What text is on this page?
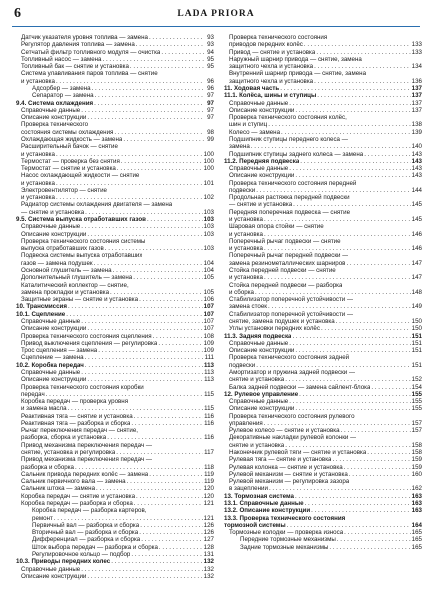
6	LADA PRIORA
Датчик указателя уровня топлива — замена . . .	93
Регулятор давления топлива — замена . . .	93
Сетчатый фильтр топливного модуля — очистка . . .	94
Топливный насос — замена . . .	95
Топливный бак — снятие и установка . . .	95
Система улавливания паров топлива — снятие
и установка . . .	96
Адсорбер — замена . . .	96
Сепаратор — замена . . .	97
9.4. Система охлаждения . . .	97
Справочные данные . . .	97
Описание конструкции . . .	97
Проверка технического
состояния системы охлаждения . . .	98
Охлаждающая жидкость — замена . . .	99
Расширительный бачок — снятие
и установка . . .	100
Термостат — проверка без снятия . . .	100
Термостат — снятие и установка . . .	100
Насос охлаждающей жидкости — снятие
и установка . . .	101
Электровентилятор — снятие
и установка . . .	102
Радиатор системы охлаждения двигателя — замена
— снятие и установка . . .	103
9.5. Система выпуска отработавших газов . . .	103
Справочные данные . . .	103
Описание конструкции . . .	103
Проверка технического состояния системы
выпуска отработавших газов . . .	103
Подвеска системы выпуска отработавших
газов — замена подушек . . .	104
Основной глушитель — замена . . .	104
Дополнительный глушитель — замена . . .	105
Каталитический коллектор — снятие,
замена прокладки и установка . . .	105
Защитные экраны — снятие и установка . . .	106
10. Трансмиссия . . .	107
10.1. Сцепление . . .	107
Справочные данные . . .	107
Описание конструкции . . .	107
Проверка технического состояния сцепления . . .	108
Привод выключения сцепления — регулировка . . .	109
Трос сцепления — замена . . .	109
Сцепление — замена . . .	111
10.2. Коробка передач . . .	113
Справочные данные . . .	113
Описание конструкции . . .	113
Проверка технического состояния коробки
передач . . .	115
Коробка передач — проверка уровня
и замена масла . . .	115
Реактивная тяга — снятие и установка . . .	116
Реактивная тяга — разборка и сборка . . .	116
Рычаг переключения передач — снятие,
разборка, сборка и установка . . .	116
Привод механизма переключения передач —
снятие, установка и регулировка . . .	117
Привод механизма переключения передач —
разборка и сборка . . .	118
Сальник привода передних колёс — замена . . .	119
Сальник первичного вала — замена . . .	119
Сальник штока — замена . . .	120
Коробка передач — снятие и установка . . .	120
Коробка передач — разборка и сборка . . .	121
Коробка передач — разборка картеров,
ремонт . . .	121
Первичный вал — разборка и сборка . . .	126
Вторичный вал — разборка и сборка . . .	126
Дифференциал — разборка и сборка . . .	127
Шток выбора передач — разборка и сборка . . .	128
Регулировочное кольцо — подбор . . .	131
10.3. Приводы передних колес . . .	132
Справочные данные . . .	132
Описание конструкции . . .	132
Проверка технического состояния
приводов передних колёс . . .	133
Привод — снятие и установка . . .	133
Наружный шарнир привода — снятие, замена
защитного чехла и установка . . .	134
Внутренний шарнир привода — снятие, замена
защитного чехла и установка . . .	136
11. Ходовая часть . . .	137
11.1. Колёса, шины и ступицы . . .	137
Справочные данные . . .	137
Описание конструкции . . .	137
Проверка технического состояния колёс,
шин и ступиц . . .	138
Колесо — замена . . .	139
Подшипник ступицы переднего колеса —
замена . . .	140
Подшипник ступицы заднего колеса — замена . . .	143
11.2. Передняя подвеска . . .	143
Справочные данные . . .	143
Описание конструкции . . .	143
Проверка технического состояния передней
подвески . . .	144
Продольная растяжка передней подвески
— снятие и установка . . .	145
Передняя поперечная подвеска — снятие
и установка . . .	145
Шаровая опора стойки — снятие
и установка . . .	146
Поперечный рычаг подвески — снятие
и установка . . .	146
Поперечный рычаг передней подвески —
замена резинометаллических шарниров . . .	147
Стойка передней подвески — снятие
и установка . . .	147
Стойка передней подвески — разборка
и сборка . . .	148
Стабилизатор поперечной устойчивости —
замена стоек . . .	149
Стабилизатор поперечной устойчивости —
снятие, замена подушек и установка . . .	150
Углы установки передних колёс . . .	150
11.3. Задняя подвеска . . .	151
Справочные данные . . .	151
Описание конструкции . . .	151
Проверка технического состояния задней
подвески . . .	151
Амортизатор и пружина задней подвески —
снятие и установка . . .	152
Балка задней подвески — замена сайлент-блока . . .	154
12. Рулевое управление . . .	155
Справочные данные . . .	155
Описание конструкции . . .	155
Проверка технического состояния рулевого
управления . . .	157
Рулевое колесо — снятие и установка . . .	157
Декоративные накладки рулевой колонки —
снятие и установка . . .	158
Наконечник рулевой тяги — снятие и установка . . .	158
Рулевая тяга — снятие и установка . . .	159
Рулевая колонка — снятие и установка . . .	159
Рулевой механизм — снятие и установка . . .	160
Рулевой механизм — регулировка зазора
в зацеплении . . .	162
13. Тормозная система . . .	163
13.1. Справочные данные . . .	163
13.2. Описание конструкции . . .	163
13.3. Проверка технического состояния
тормозной системы . . .	164
Тормозные колодки — проверка износа . . .	165
Передние тормозные механизмы . . .	165
Задние тормозные механизмы . . .	165
